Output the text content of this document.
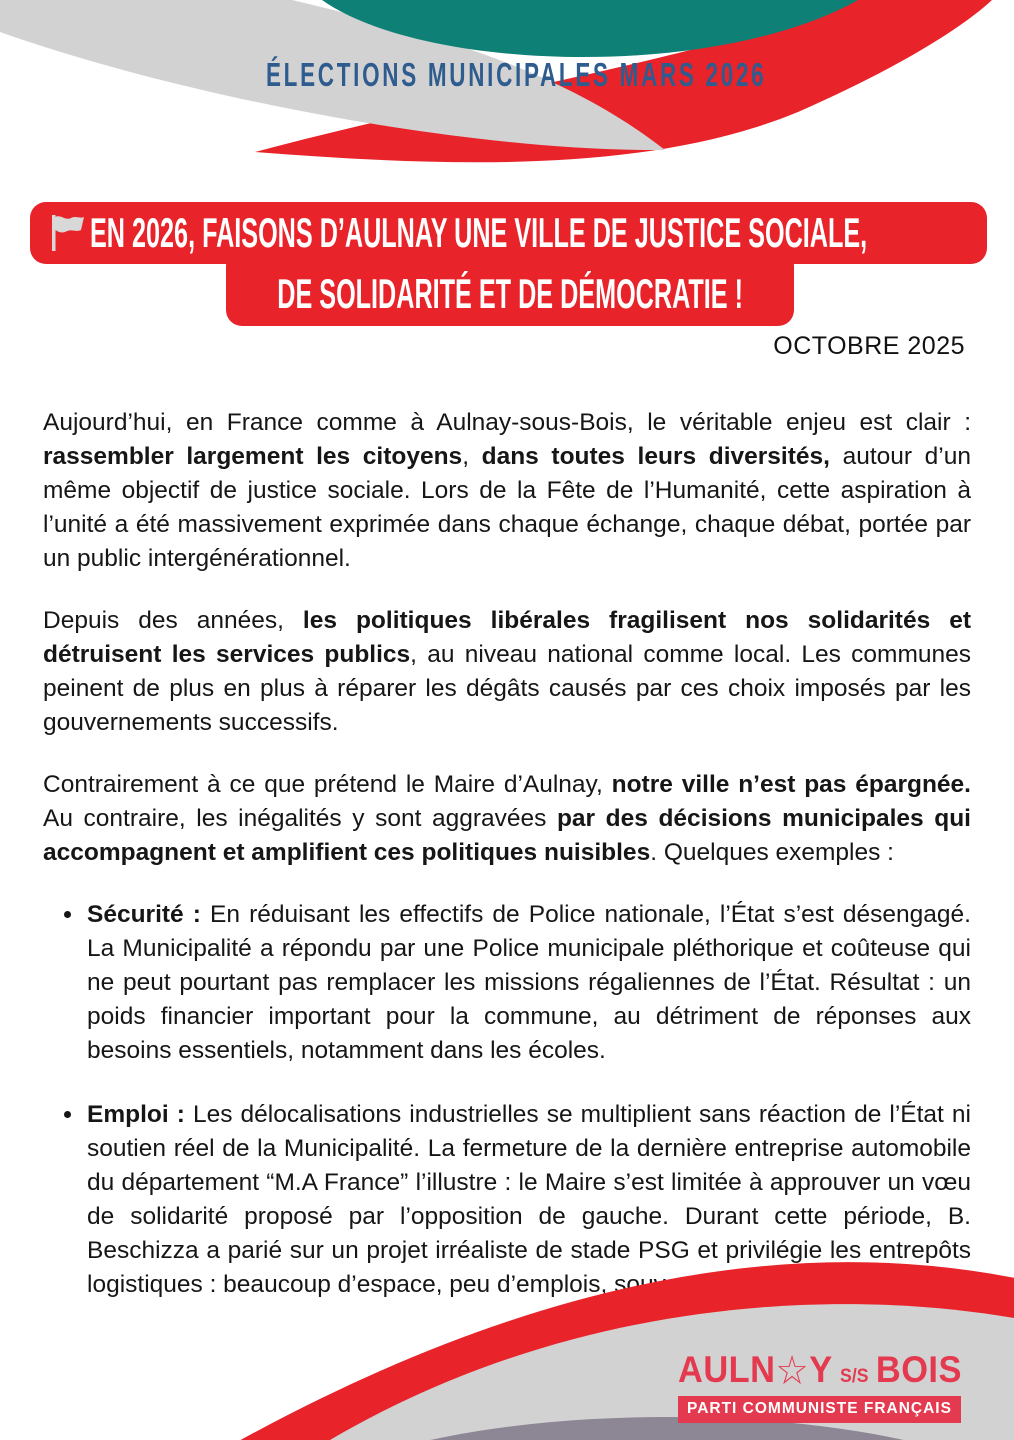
ÉLECTIONS MUNICIPALES MARS 2026
EN 2026, FAISONS D’AULNAY UNE VILLE DE JUSTICE SOCIALE,
DE SOLIDARITÉ ET DE DÉMOCRATIE !
OCTOBRE 2025

Aujourd’hui, en France comme à Aulnay-sous-Bois, le véritable enjeu est clair : rassembler largement les citoyens, dans toutes leurs diversités, autour d’un même objectif de justice sociale. Lors de la Fête de l’Humanité, cette aspiration à l’unité a été massivement exprimée dans chaque échange, chaque débat, portée par un public intergénérationnel.

Depuis des années, les politiques libérales fragilisent nos solidarités et détruisent les services publics, au niveau national comme local. Les communes peinent de plus en plus à réparer les dégâts causés par ces choix imposés par les gouvernements successifs.

Contrairement à ce que prétend le Maire d’Aulnay, notre ville n’est pas épargnée. Au contraire, les inégalités y sont aggravées par des décisions municipales qui accompagnent et amplifient ces politiques nuisibles. Quelques exemples :

• Sécurité : En réduisant les effectifs de Police nationale, l’État s’est désengagé. La Municipalité a répondu par une Police municipale pléthorique et coûteuse qui ne peut pourtant pas remplacer les missions régaliennes de l’État. Résultat : un poids financier important pour la commune, au détriment de réponses aux besoins essentiels, notamment dans les écoles.
• Emploi : Les délocalisations industrielles se multiplient sans réaction de l’État ni soutien réel de la Municipalité. La fermeture de la dernière entreprise automobile du département “M.A France” l’illustre : le Maire s’est limitée à approuver un vœu de solidarité proposé par l’opposition de gauche. Durant cette période, B. Beschizza a parié sur un projet irréaliste de stade PSG et privilégie les entrepôts logistiques : beaucoup d’espace, peu d’emplois, souvent peu qualifiés.
AULN☆Y  S/S  BOIS
PARTI COMMUNISTE FRANÇAIS
